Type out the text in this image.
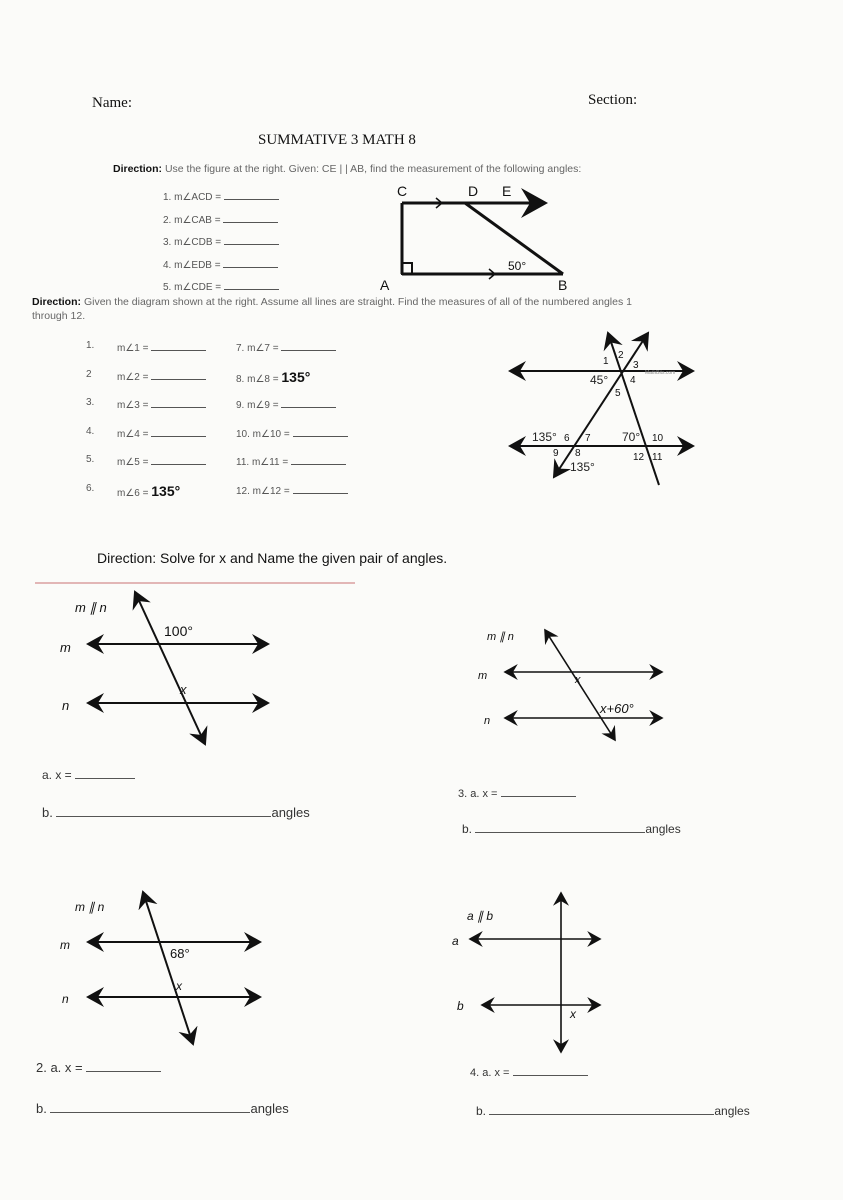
C	D E
A	B
50°
1
2
3
4
5
6 7
8
9
10
11
12
45°
135°	70°
135°
MathBits.com
m ∥ n
m
n
x
100°	m ∥ n
m
n
x
x+60°
m ∥ n
m
n
x
68°
a ∥ b
a
b
x
Name:	Section:
SUMMATIVE 3 MATH 8
Direction: Use the figure at the right. Given: CE | | AB, find the measurement of the following angles:
1. m∠ACD =
2. m∠CAB =
3. m∠CDB =
4. m∠EDB =
5. m∠CDE =
Direction: Given the diagram shown at the right. Assume all lines are straight. Find the measures of all of the numbered angles 1
through 12.
1. m∠1 =	7. m∠7 =
2	m∠2 =	8. m∠8 = 135°
3. m∠3 =	9. m∠9 =
4. m∠4 =	10. m∠10 =
5. m∠5 =	11. m∠11 =
6. m∠6 = 135°	12. m∠12 =
Direction: Solve for x and Name the given pair of angles.
a. x =
b.	angles
3. a. x =
b.	angles
2. a. x =
b.	angles
4. a. x =
b.	angles
